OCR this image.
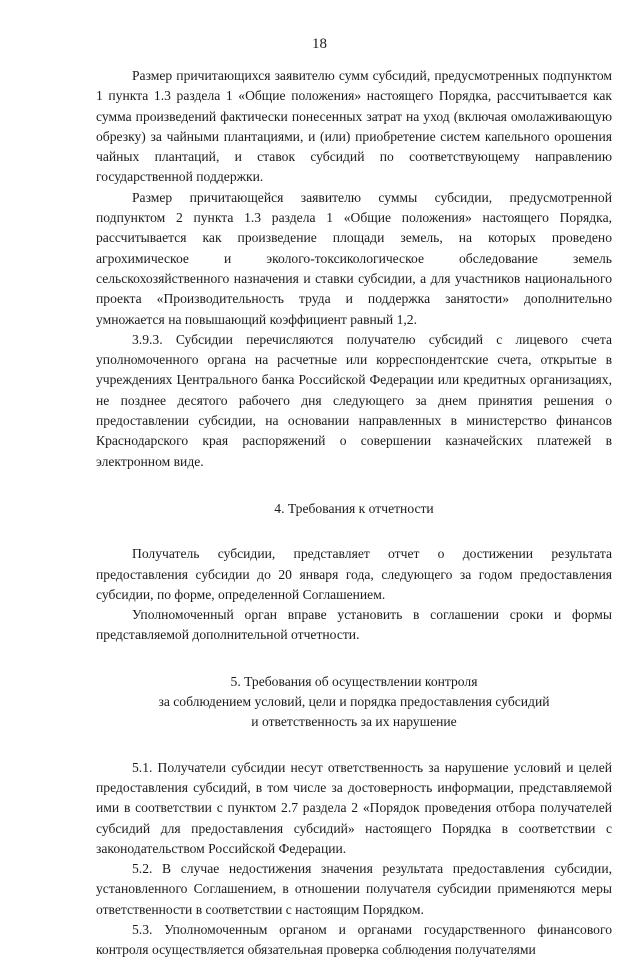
18

Размер причитающихся заявителю сумм субсидий, предусмотренных подпунктом 1 пункта 1.3 раздела 1 «Общие положения» настоящего Порядка, рассчитывается как сумма произведений фактически понесенных затрат на уход (включая омолаживающую обрезку) за чайными плантациями, и (или) приобретение систем капельного орошения чайных плантаций, и ставок субсидий по соответствующему направлению государственной поддержки.

Размер причитающейся заявителю суммы субсидии, предусмотренной подпунктом 2 пункта 1.3 раздела 1 «Общие положения» настоящего Порядка, рассчитывается как произведение площади земель, на которых проведено агрохимическое и эколого-токсикологическое обследование земель сельскохозяйственного назначения и ставки субсидии, а для участников национального проекта «Производительность труда и поддержка занятости» дополнительно умножается на повышающий коэффициент равный 1,2.

3.9.3. Субсидии перечисляются получателю субсидий с лицевого счета уполномоченного органа на расчетные или корреспондентские счета, открытые в учреждениях Центрального банка Российской Федерации или кредитных организациях, не позднее десятого рабочего дня следующего за днем принятия решения о предоставлении субсидии, на основании направленных в министерство финансов Краснодарского края распоряжений о совершении казначейских платежей в электронном виде.

4. Требования к отчетности

Получатель субсидии, представляет отчет о достижении результата предоставления субсидии до 20 января года, следующего за годом предоставления субсидии, по форме, определенной Соглашением.

Уполномоченный орган вправе установить в соглашении сроки и формы представляемой дополнительной отчетности.

5. Требования об осуществлении контроля
за соблюдением условий, цели и порядка предоставления субсидий
и ответственность за их нарушение

5.1. Получатели субсидии несут ответственность за нарушение условий и целей предоставления субсидий, в том числе за достоверность информации, представляемой ими в соответствии с пунктом 2.7 раздела 2 «Порядок проведения отбора получателей субсидий для предоставления субсидий» настоящего Порядка в соответствии с законодательством Российской Федерации.

5.2. В случае недостижения значения результата предоставления субсидии, установленного Соглашением, в отношении получателя субсидии применяются меры ответственности в соответствии с настоящим Порядком.

5.3. Уполномоченным органом и органами государственного финансового контроля осуществляется обязательная проверка соблюдения получателями
